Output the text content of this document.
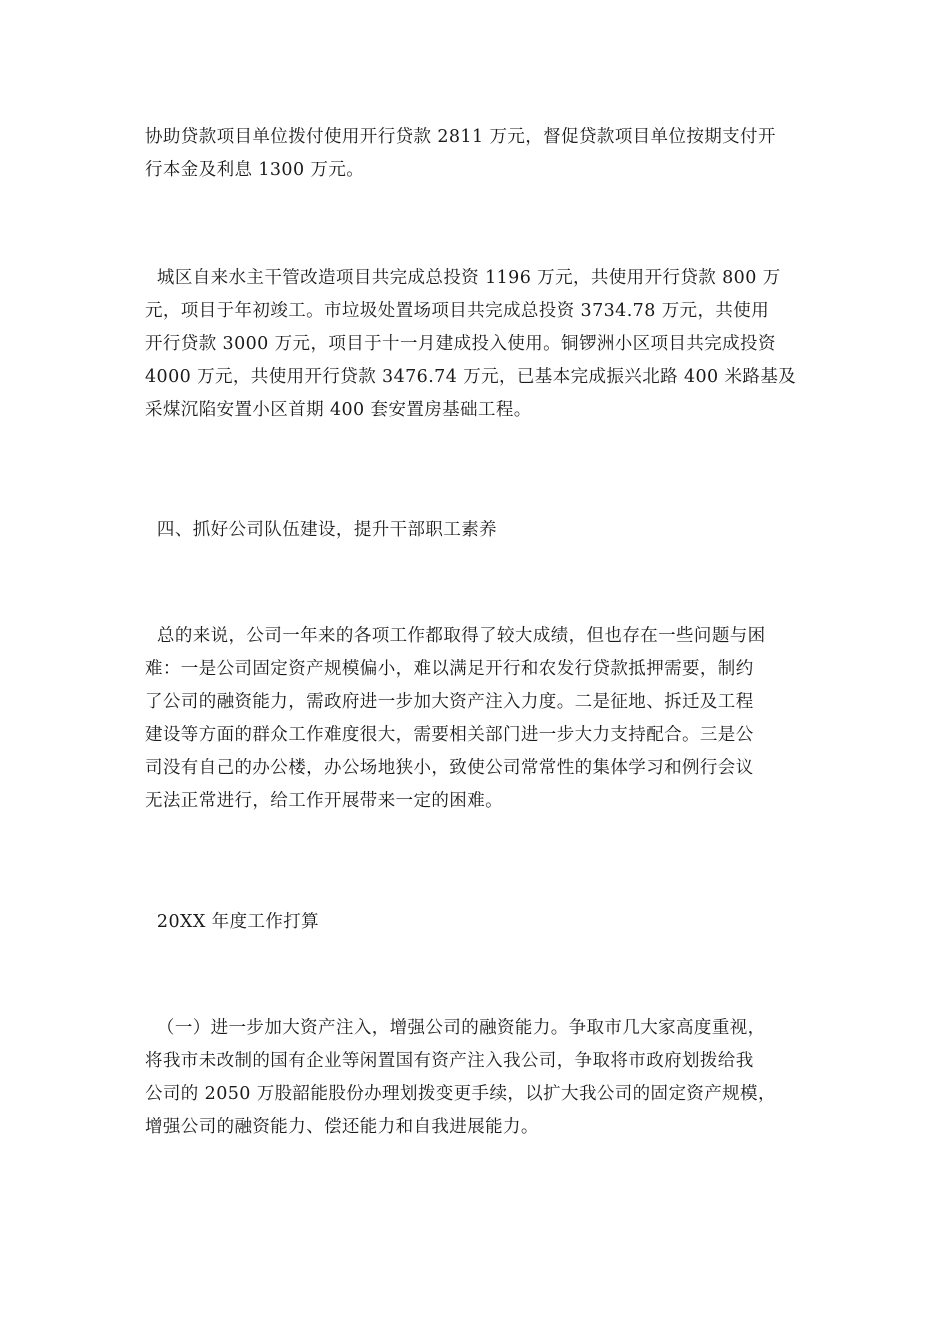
协助贷款项目单位拨付使用开行贷款 2811 万元，督促贷款项目单位按期支付开
行本金及利息 1300 万元。
城区自来水主干管改造项目共完成总投资 1196 万元，共使用开行贷款 800 万
元，项目于年初竣工。市垃圾处置场项目共完成总投资 3734.78 万元，共使用
开行贷款 3000 万元，项目于十一月建成投入使用。铜锣洲小区项目共完成投资
4000 万元，共使用开行贷款 3476.74 万元，已基本完成振兴北路 400 米路基及
采煤沉陷安置小区首期 400 套安置房基础工程。
四、抓好公司队伍建设，提升干部职工素养
总的来说，公司一年来的各项工作都取得了较大成绩，但也存在一些问题与困
难：一是公司固定资产规模偏小，难以满足开行和农发行贷款抵押需要，制约
了公司的融资能力，需政府进一步加大资产注入力度。二是征地、拆迁及工程
建设等方面的群众工作难度很大，需要相关部门进一步大力支持配合。三是公
司没有自己的办公楼，办公场地狭小，致使公司常常性的集体学习和例行会议
无法正常进行，给工作开展带来一定的困难。
20XX 年度工作打算
（一）进一步加大资产注入，增强公司的融资能力。争取市几大家高度重视，
将我市未改制的国有企业等闲置国有资产注入我公司，争取将市政府划拨给我
公司的 2050 万股韶能股份办理划拨变更手续，以扩大我公司的固定资产规模，
增强公司的融资能力、偿还能力和自我进展能力。
